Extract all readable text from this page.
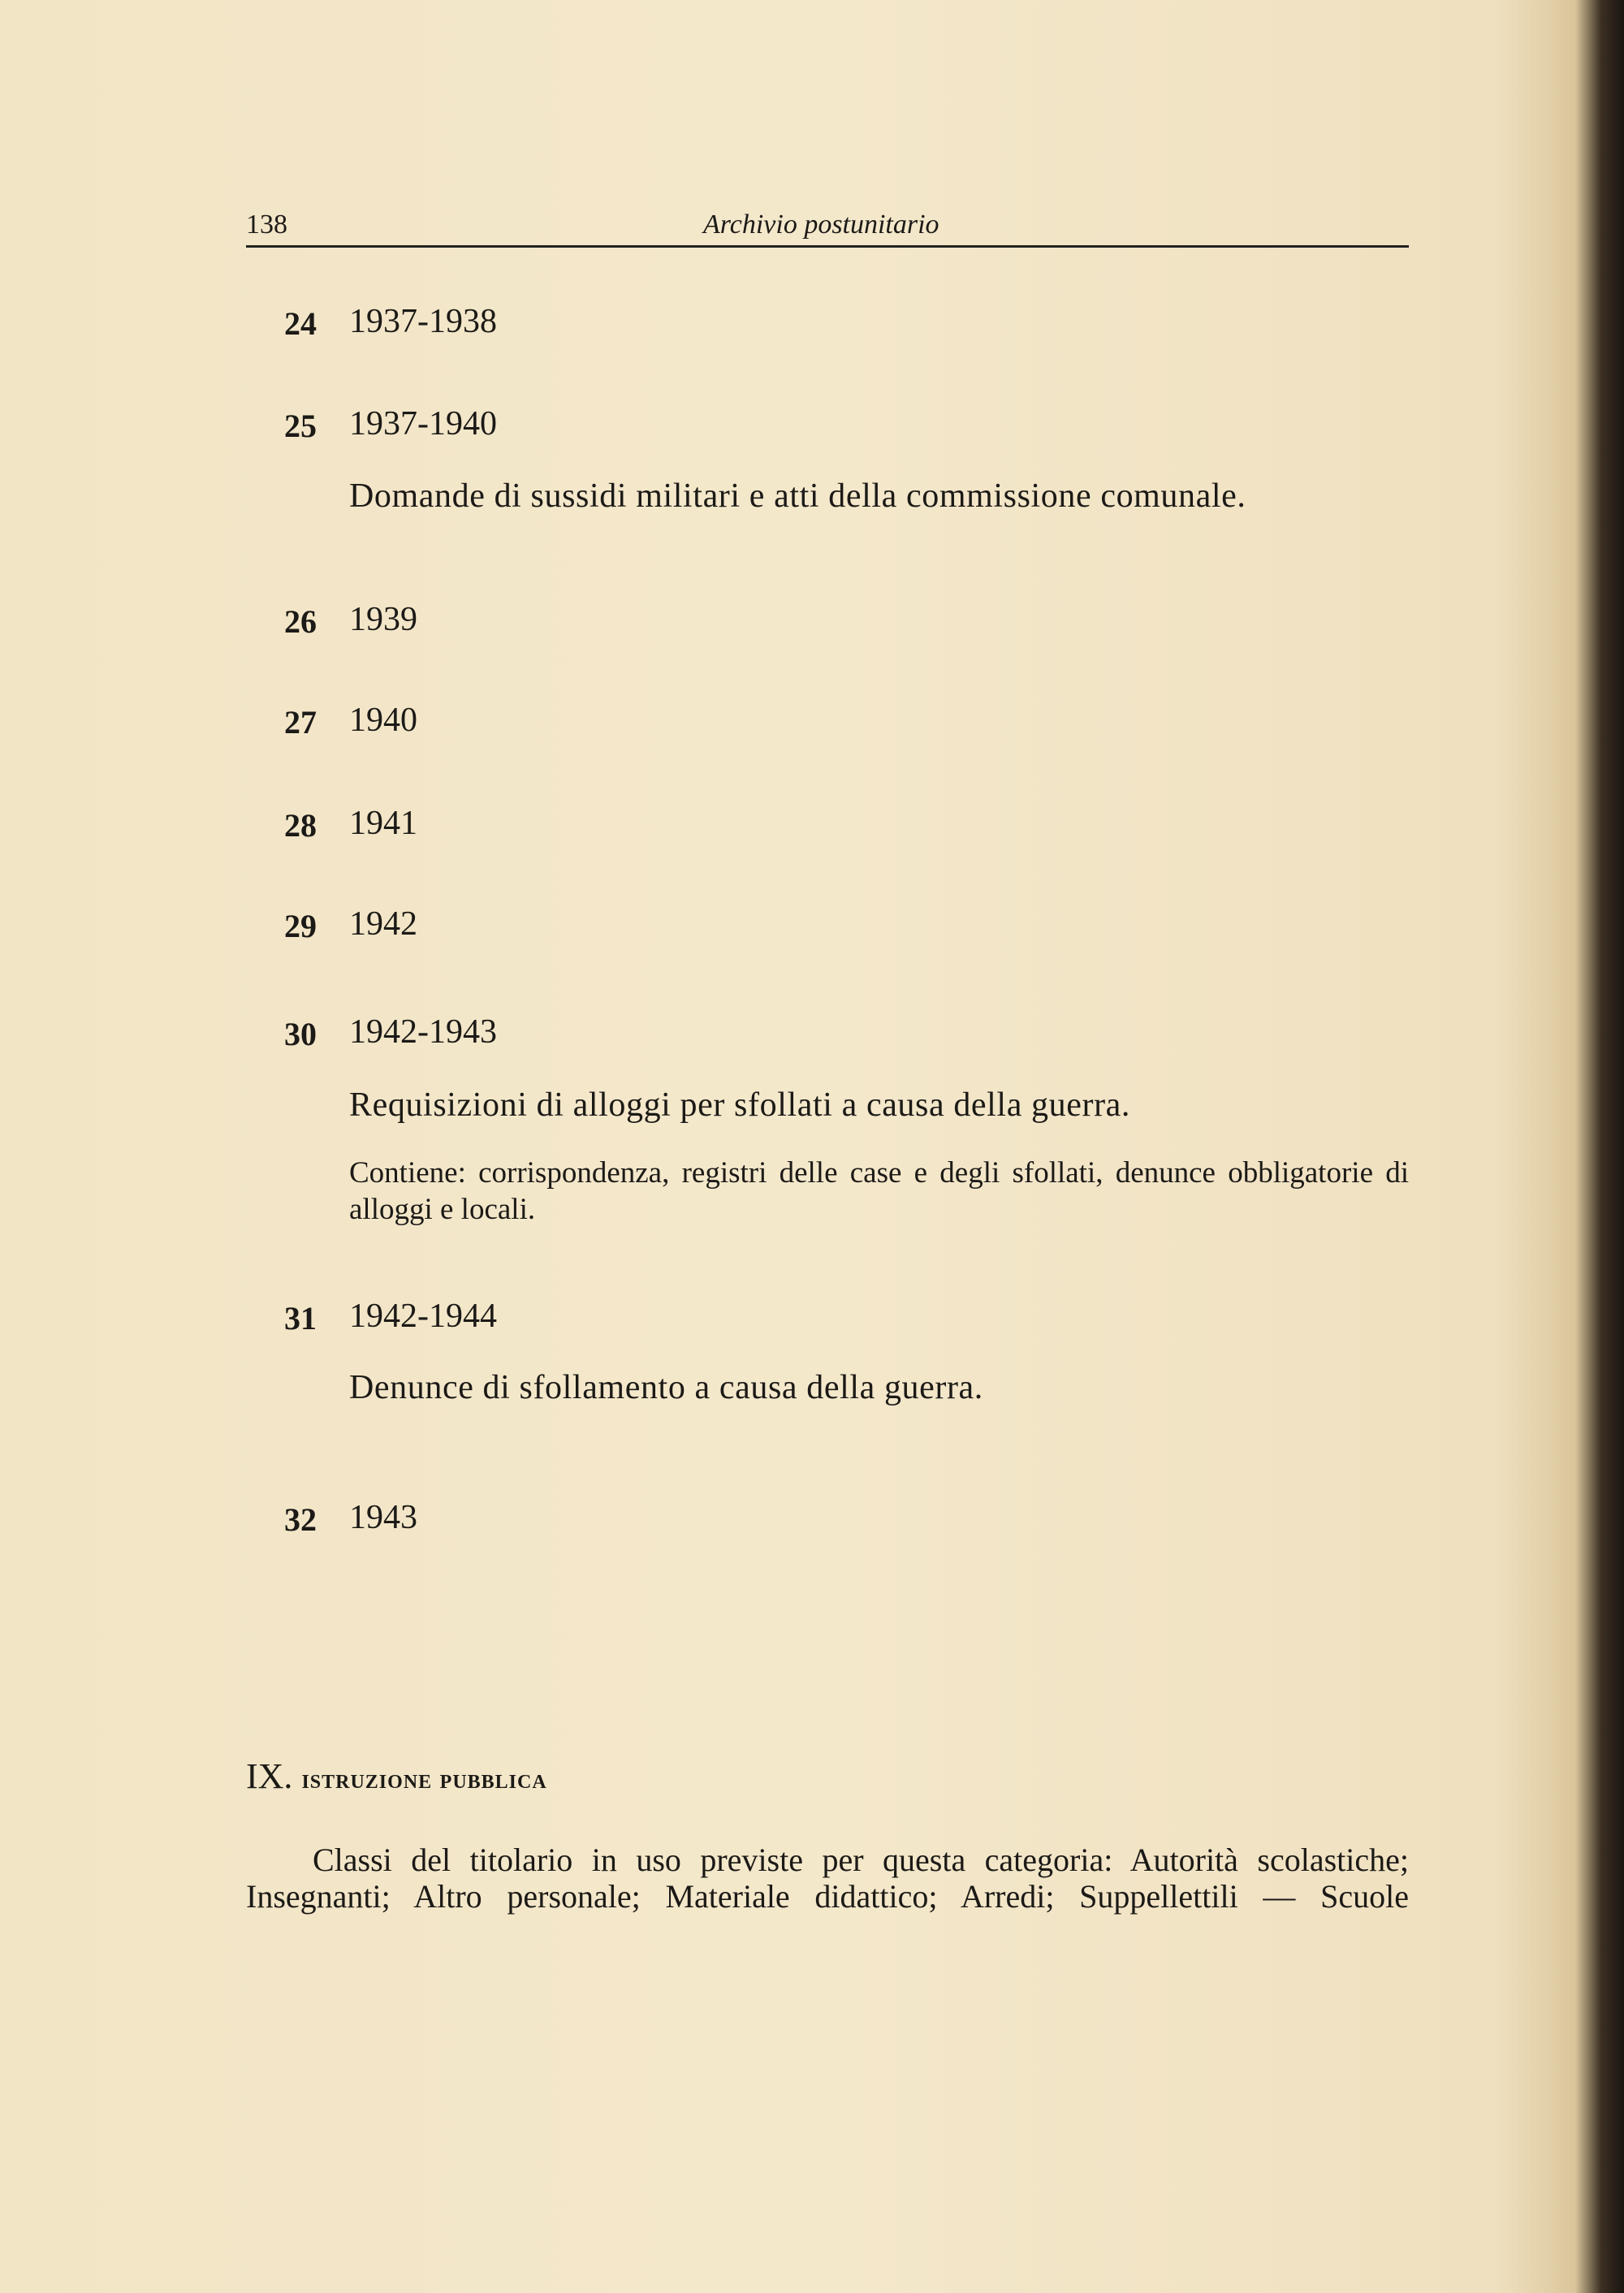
138	Archivio postunitario
24 1937-1938
25 1937-1940
Domande di sussidi militari e atti della commissione comunale.
26 1939
27 1940
28 1941
29 1942
30 1942-1943
Requisizioni di alloggi per sfollati a causa della guerra.
Contiene: corrispondenza, registri delle case e degli sfollati, denunce obbligatorie di alloggi e locali.
31 1942-1944
Denunce di sfollamento a causa della guerra.
32 1943
IX. istruzione pubblica
Classi del titolario in uso previste per questa categoria: Autorità scolastiche; Insegnanti; Altro personale; Materiale didattico; Arredi; Suppellettili — Scuole
